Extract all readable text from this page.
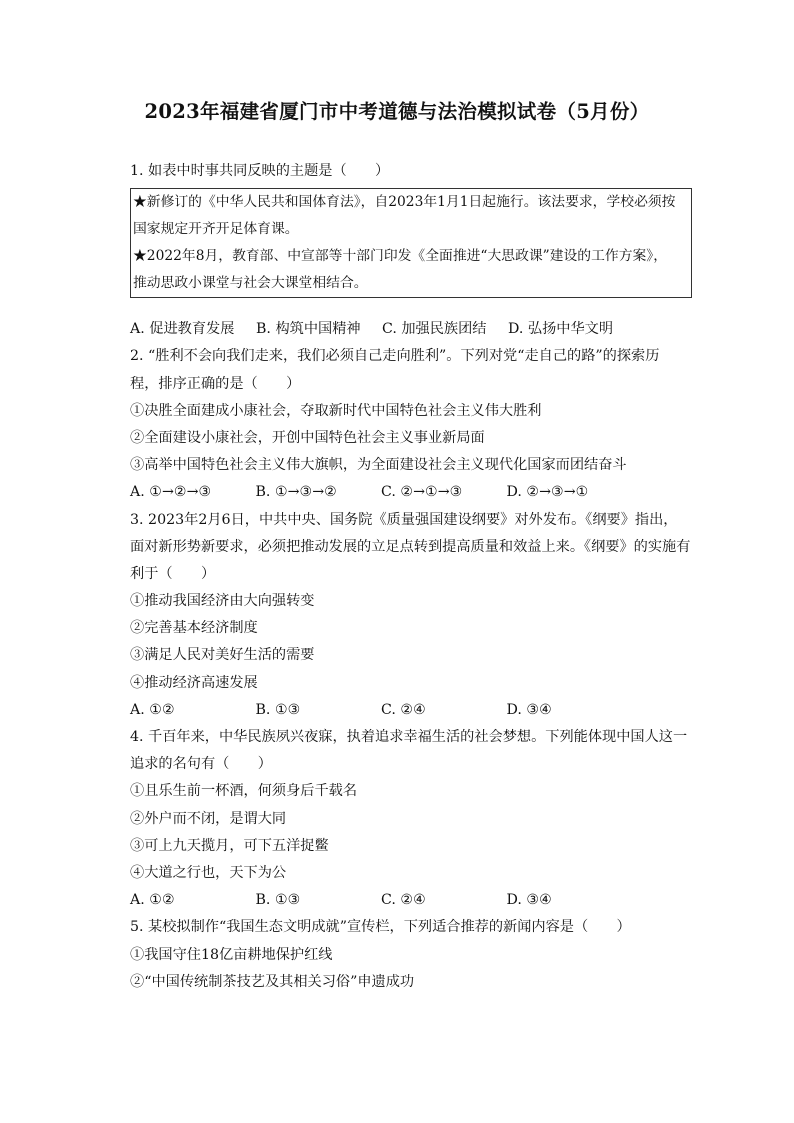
2023年福建省厦门市中考道德与法治模拟试卷（5月份）
1. 如表中时事共同反映的主题是（　　）
★新修订的《中华人民共和国体育法》，自2023年1月1日起施行。该法要求，学校必须按
国家规定开齐开足体育课。
★2022年8月，教育部、中宣部等十部门印发《全面推进“大思政课”建设的工作方案》，
推动思政小课堂与社会大课堂相结合。
A. 促进教育发展	B. 构筑中国精神	C. 加强民族团结	D. 弘扬中华文明
2. “胜利不会向我们走来，我们必须自己走向胜利”。下列对党“走自己的路”的探索历
程，排序正确的是（　　）
①决胜全面建成小康社会，夺取新时代中国特色社会主义伟大胜利
②全面建设小康社会，开创中国特色社会主义事业新局面
③高举中国特色社会主义伟大旗帜，为全面建设社会主义现代化国家而团结奋斗
A. ①→②→③	B. ①→③→②	C. ②→①→③	D. ②→③→①
3. 2023年2月6日，中共中央、国务院《质量强国建设纲要》对外发布。《纲要》指出，
面对新形势新要求，必须把推动发展的立足点转到提高质量和效益上来。《纲要》的实施有
利于（　　）
①推动我国经济由大向强转变
②完善基本经济制度
③满足人民对美好生活的需要
④推动经济高速发展
A. ①②	B. ①③	C. ②④	D. ③④
4. 千百年来，中华民族夙兴夜寐，执着追求幸福生活的社会梦想。下列能体现中国人这一
追求的名句有（　　）
①且乐生前一杯酒，何须身后千载名
②外户而不闭，是谓大同
③可上九天揽月，可下五洋捉鳖
④大道之行也，天下为公
A. ①②	B. ①③	C. ②④	D. ③④
5. 某校拟制作“我国生态文明成就”宣传栏，下列适合推荐的新闻内容是（　　）
①我国守住18亿亩耕地保护红线
②“中国传统制茶技艺及其相关习俗”申遗成功
